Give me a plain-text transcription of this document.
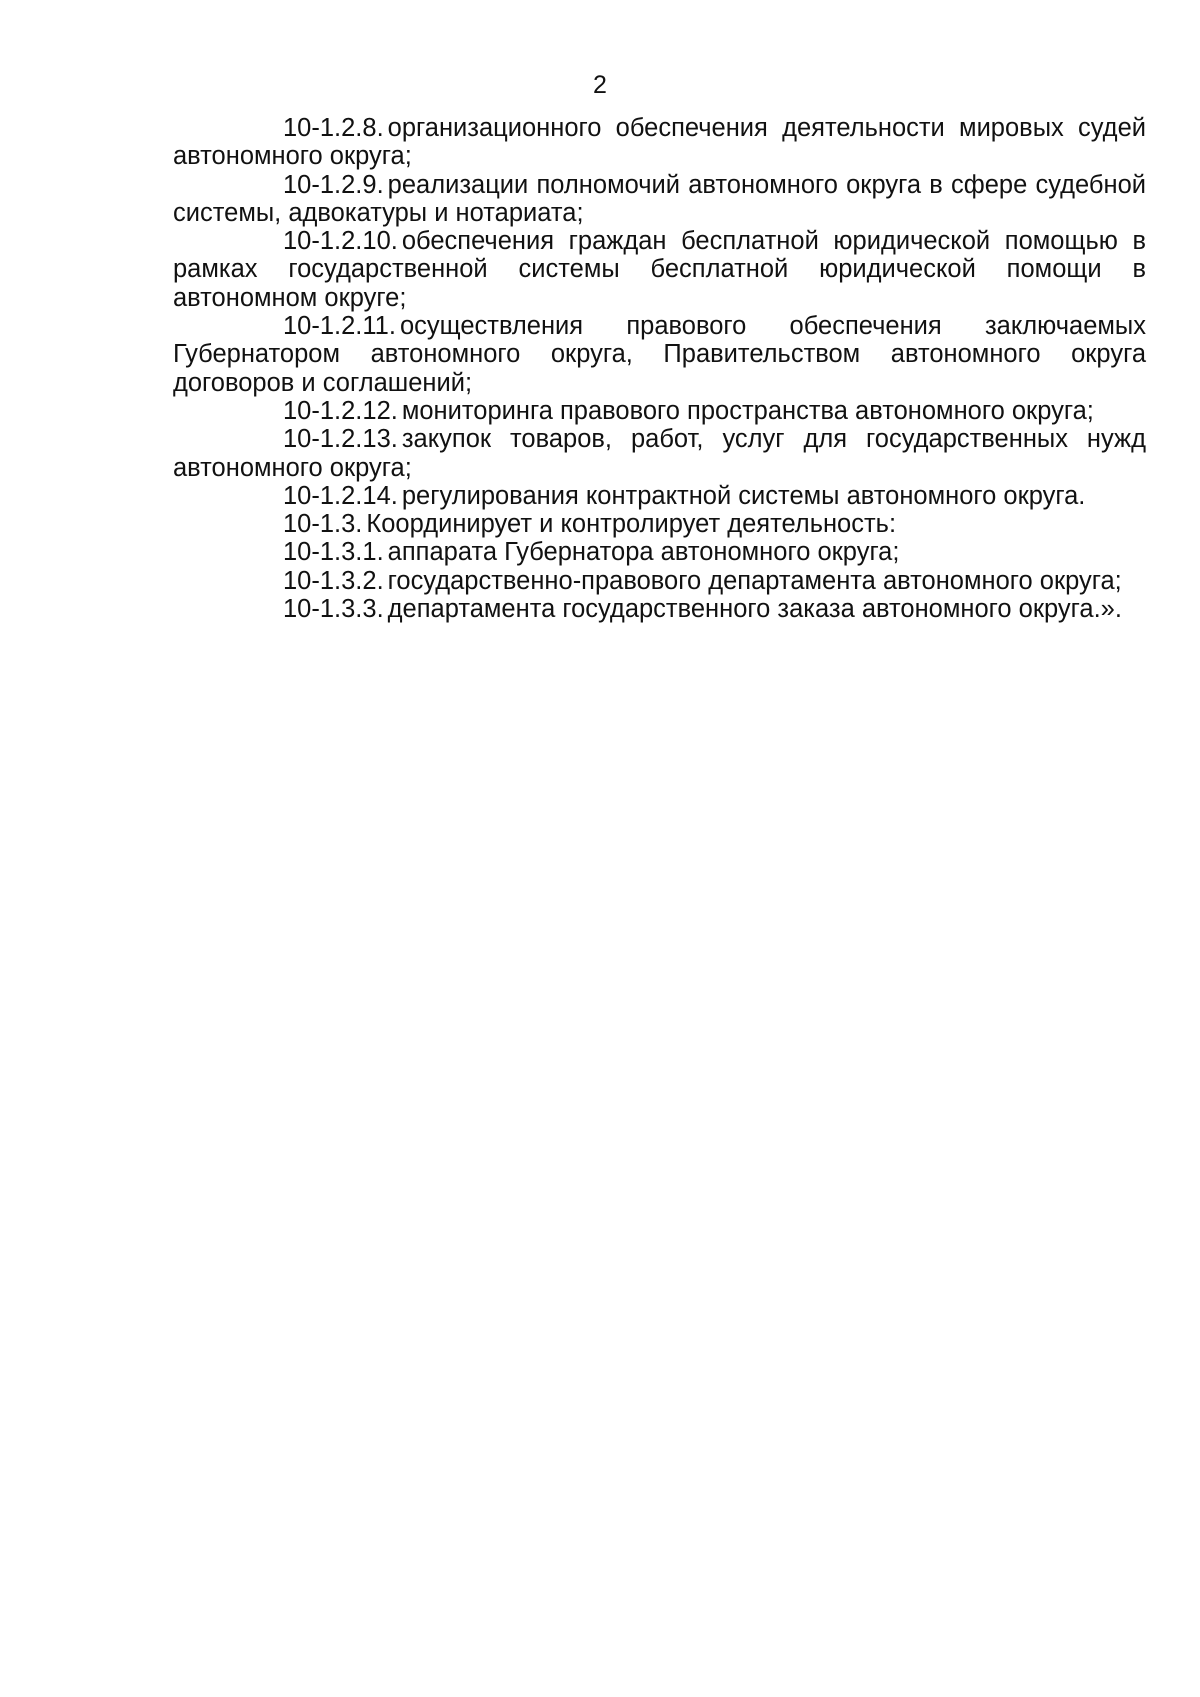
2

10-1.2.8. организационного обеспечения деятельности мировых судей автономного округа;

10-1.2.9. реализации полномочий автономного округа в сфере судебной системы, адвокатуры и нотариата;

10-1.2.10. обеспечения граждан бесплатной юридической помощью в рамках государственной системы бесплатной юридической помощи в автономном округе;

10-1.2.11. осуществления правового обеспечения заключаемых Губернатором автономного округа, Правительством автономного округа договоров и соглашений;

10-1.2.12. мониторинга правового пространства автономного округа;

10-1.2.13. закупок товаров, работ, услуг для государственных нужд автономного округа;

10-1.2.14. регулирования контрактной системы автономного округа.

10-1.3. Координирует и контролирует деятельность:

10-1.3.1. аппарата Губернатора автономного округа;

10-1.3.2. государственно-правового департамента автономного округа;

10-1.3.3. департамента государственного заказа автономного округа.».
